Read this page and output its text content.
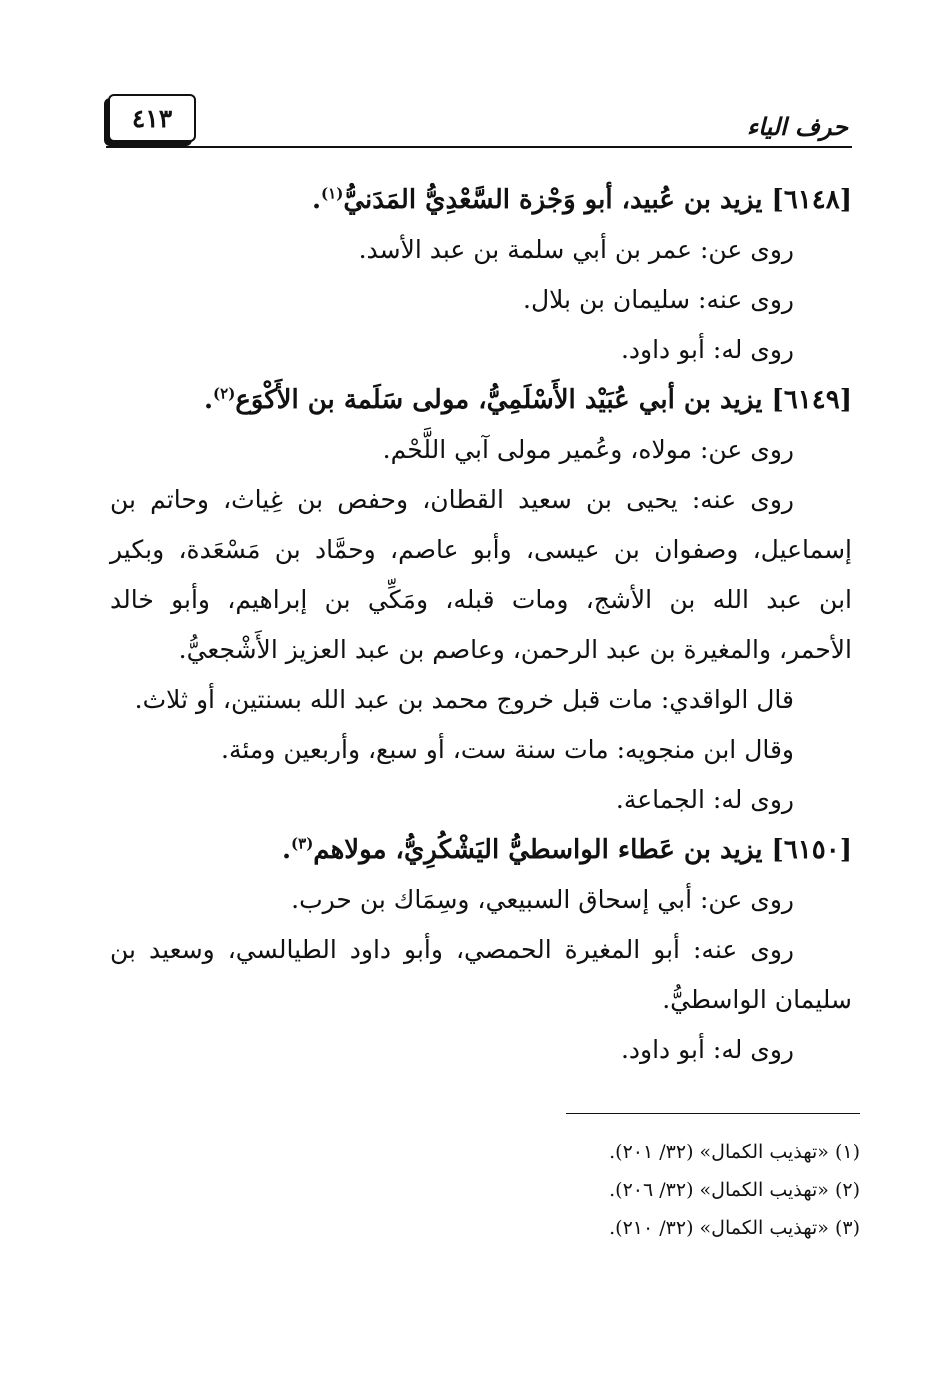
حرف الياء
٤١٣
[٦١٤٨] يزيد بن عُبيد، أبو وَجْزة السَّعْدِيُّ المَدَنيُّ$^{(١)}$.
روى عن: عمر بن أبي سلمة بن عبد الأسد.
روى عنه: سليمان بن بلال.
روى له: أبو داود.
[٦١٤٩] يزيد بن أبي عُبَيْد الأَسْلَمِيُّ، مولى سَلَمة بن الأَكْوَع$^{(٢)}$.
روى عن: مولاه، وعُمير مولى آبي اللَّحْم.
روى عنه: يحيى بن سعيد القطان، وحفص بن غِياث، وحاتم بن
إسماعيل، وصفوان بن عيسى، وأبو عاصم، وحمَّاد بن مَسْعَدة، وبكير
ابن عبد الله بن الأشج، ومات قبله، ومَكِّي بن إبراهيم، وأبو خالد
الأحمر، والمغيرة بن عبد الرحمن، وعاصم بن عبد العزيز الأَشْجعيُّ.
قال الواقدي: مات قبل خروج محمد بن عبد الله بسنتين، أو ثلاث.
وقال ابن منجويه: مات سنة ست، أو سبع، وأربعين ومئة.
روى له: الجماعة.
[٦١٥٠] يزيد بن عَطاء الواسطيُّ اليَشْكُرِيُّ، مولاهم$^{(٣)}$.
روى عن: أبي إسحاق السبيعي، وسِمَاك بن حرب.
روى عنه: أبو المغيرة الحمصي، وأبو داود الطيالسي، وسعيد بن
سليمان الواسطيُّ.
روى له: أبو داود.
(١) «تهذيب الكمال» (٣٢/ ٢٠١).
(٢) «تهذيب الكمال» (٣٢/ ٢٠٦).
(٣) «تهذيب الكمال» (٣٢/ ٢١٠).
